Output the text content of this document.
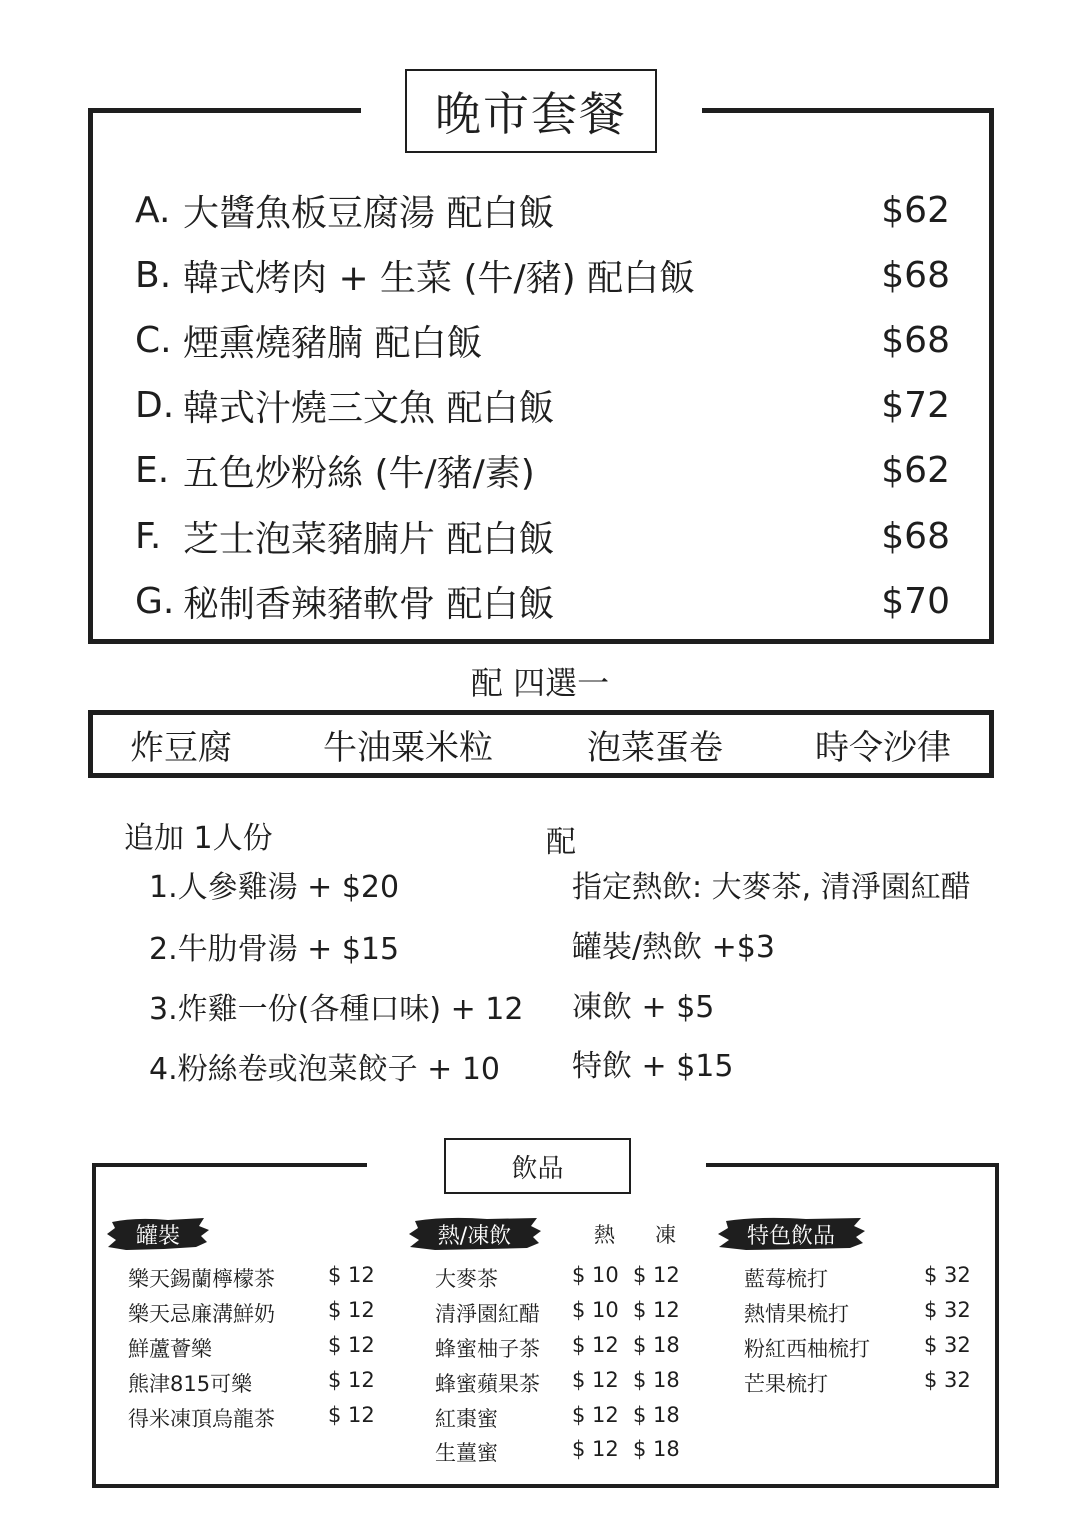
晚市套餐
A. 大醬魚板豆腐湯 配白飯	$62
B. 韓式烤肉 + 生菜 (牛/豬) 配白飯	$68
C. 煙熏燒豬腩 配白飯	$68
D. 韓式汁燒三文魚 配白飯	$72
E. 五色炒粉絲 (牛/豬/素)	$62
F. 芝士泡菜豬腩片 配白飯	$68
G. 秘制香辣豬軟骨 配白飯	$70
配 四選一
炸豆腐	牛油粟米粒	泡菜蛋卷	時令沙律
追加 1人份
1.人參雞湯 + $20
2.牛肋骨湯 + $15
3.炸雞一份(各種口味) + 12
4.粉絲卷或泡菜餃子 + 10
配
指定熱飲: 大麥茶, 清淨園紅醋
罐裝/熱飲 +$3
凍飲 + $5
特飲 + $15
飲品
罐裝	熱/凍飲	特色飲品
熱 凍
樂天錫蘭檸檬茶	$ 12
樂天忌廉溝鮮奶	$ 12
鮮蘆薈樂	$ 12
熊津815可樂	$ 12
得米凍頂烏龍茶	$ 12
大麥茶	$ 10 $ 12
清淨園紅醋 $ 10 $ 12
蜂蜜柚子茶 $ 12 $ 18
蜂蜜蘋果茶 $ 12 $ 18
紅棗蜜	$ 12 $ 18
生薑蜜	$ 12 $ 18
藍莓梳打	$ 32
熱情果梳打	$ 32
粉紅西柚梳打	$ 32
芒果梳打	$ 32
